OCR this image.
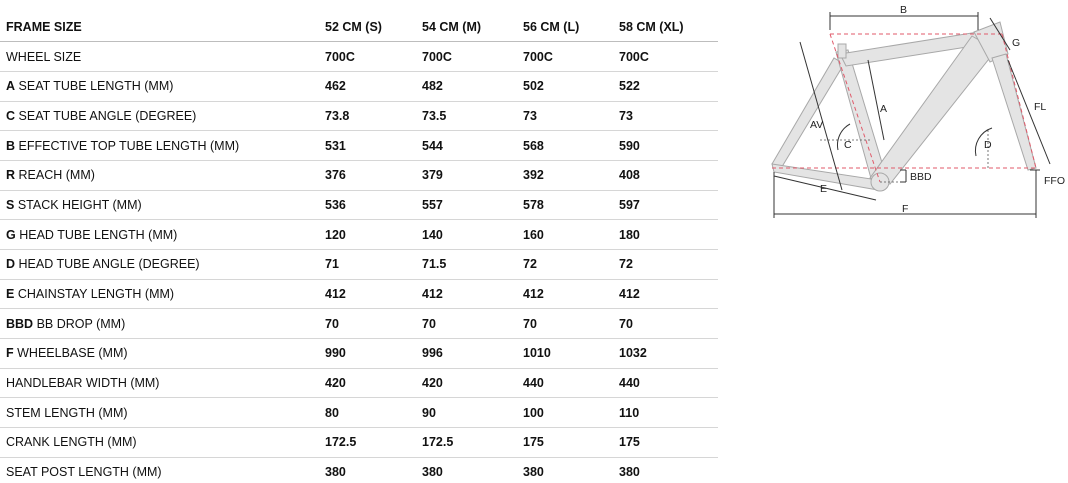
FRAME SIZE	52 CM (S)	54 CM (M)	56 CM (L)	58 CM (XL)
WHEEL SIZE	700C	700C	700C	700C
A SEAT TUBE LENGTH (MM)	462	482	502	522
C SEAT TUBE ANGLE (DEGREE)	73.8	73.5	73	73
B EFFECTIVE TOP TUBE LENGTH (MM)	531	544	568	590
R REACH (MM)	376	379	392	408
S STACK HEIGHT (MM)	536	557	578	597
G HEAD TUBE LENGTH (MM)	120	140	160	180
D HEAD TUBE ANGLE (DEGREE)	71	71.5	72	72
E CHAINSTAY LENGTH (MM)	412	412	412	412
BBD BB DROP (MM)	70	70	70	70
F WHEELBASE (MM)	990	996	1010	1032
HANDLEBAR WIDTH (MM)	420	420	440	440
STEM LENGTH (MM)	80	90	100	110
CRANK LENGTH (MM)	172.5	172.5	175	175
SEAT POST LENGTH (MM)	380	380	380	380
B
G
A
AV
FL
C	D
BBD	FFO
E
F
